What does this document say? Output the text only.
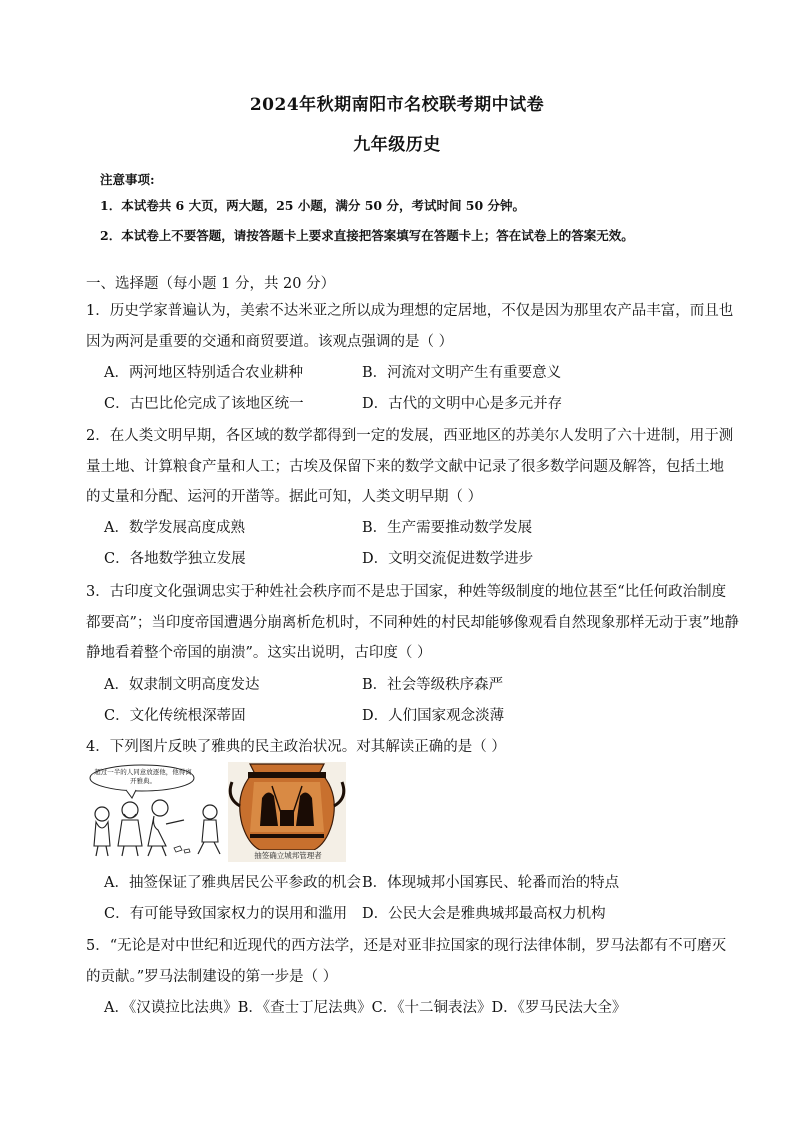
2024年秋期南阳市名校联考期中试卷
九年级历史
注意事项:
1．本试卷共 6 大页，两大题，25 小题，满分 50 分，考试时间 50 分钟。
2．本试卷上不要答题，请按答题卡上要求直接把答案填写在答题卡上；答在试卷上的答案无效。
一、选择题（每小题 1 分，共 20 分）
1．历史学家普遍认为，美索不达米亚之所以成为理想的定居地，不仅是因为那里农产品丰富，而且也
因为两河是重要的交通和商贸要道。该观点强调的是（ ）
A．两河地区特别适合农业耕种	B．河流对文明产生有重要意义
C．古巴比伦完成了该地区统一	D．古代的文明中心是多元并存
2．在人类文明早期，各区域的数学都得到一定的发展，西亚地区的苏美尔人发明了六十进制，用于测
量土地、计算粮食产量和人工；古埃及保留下来的数学文献中记录了很多数学问题及解答，包括土地
的丈量和分配、运河的开凿等。据此可知，人类文明早期（ ）
A．数学发展高度成熟	B．生产需要推动数学发展
C．各地数学独立发展	D．文明交流促进数学进步
3．古印度文化强调忠实于种姓社会秩序而不是忠于国家，种姓等级制度的地位甚至“比任何政治制度
都要高”；当印度帝国遭遇分崩离析危机时，不同种姓的村民却能够像观看自然现象那样无动于衷”地静
静地看着整个帝国的崩溃”。这实出说明，古印度（ ）
A．奴隶制文明高度发达	B．社会等级秩序森严
C．文化传统根深蒂固	D．人们国家观念淡薄
4．下列图片反映了雅典的民主政治状况。对其解读正确的是（ ）
超过一半的人同意放逐他，他得离开雅典。
抽签确立城邦管理者
A．抽签保证了雅典居民公平参政的机会 B．体现城邦小国寡民、轮番而治的特点
C．有可能导致国家权力的误用和滥用 D．公民大会是雅典城邦最高权力机构
5．“无论是对中世纪和近现代的西方法学，还是对亚非拉国家的现行法律体制，罗马法都有不可磨灭
的贡献。”罗马法制建设的第一步是（ ）
A．《汉谟拉比法典》B．《查士丁尼法典》C．《十二铜表法》D．《罗马民法大全》
